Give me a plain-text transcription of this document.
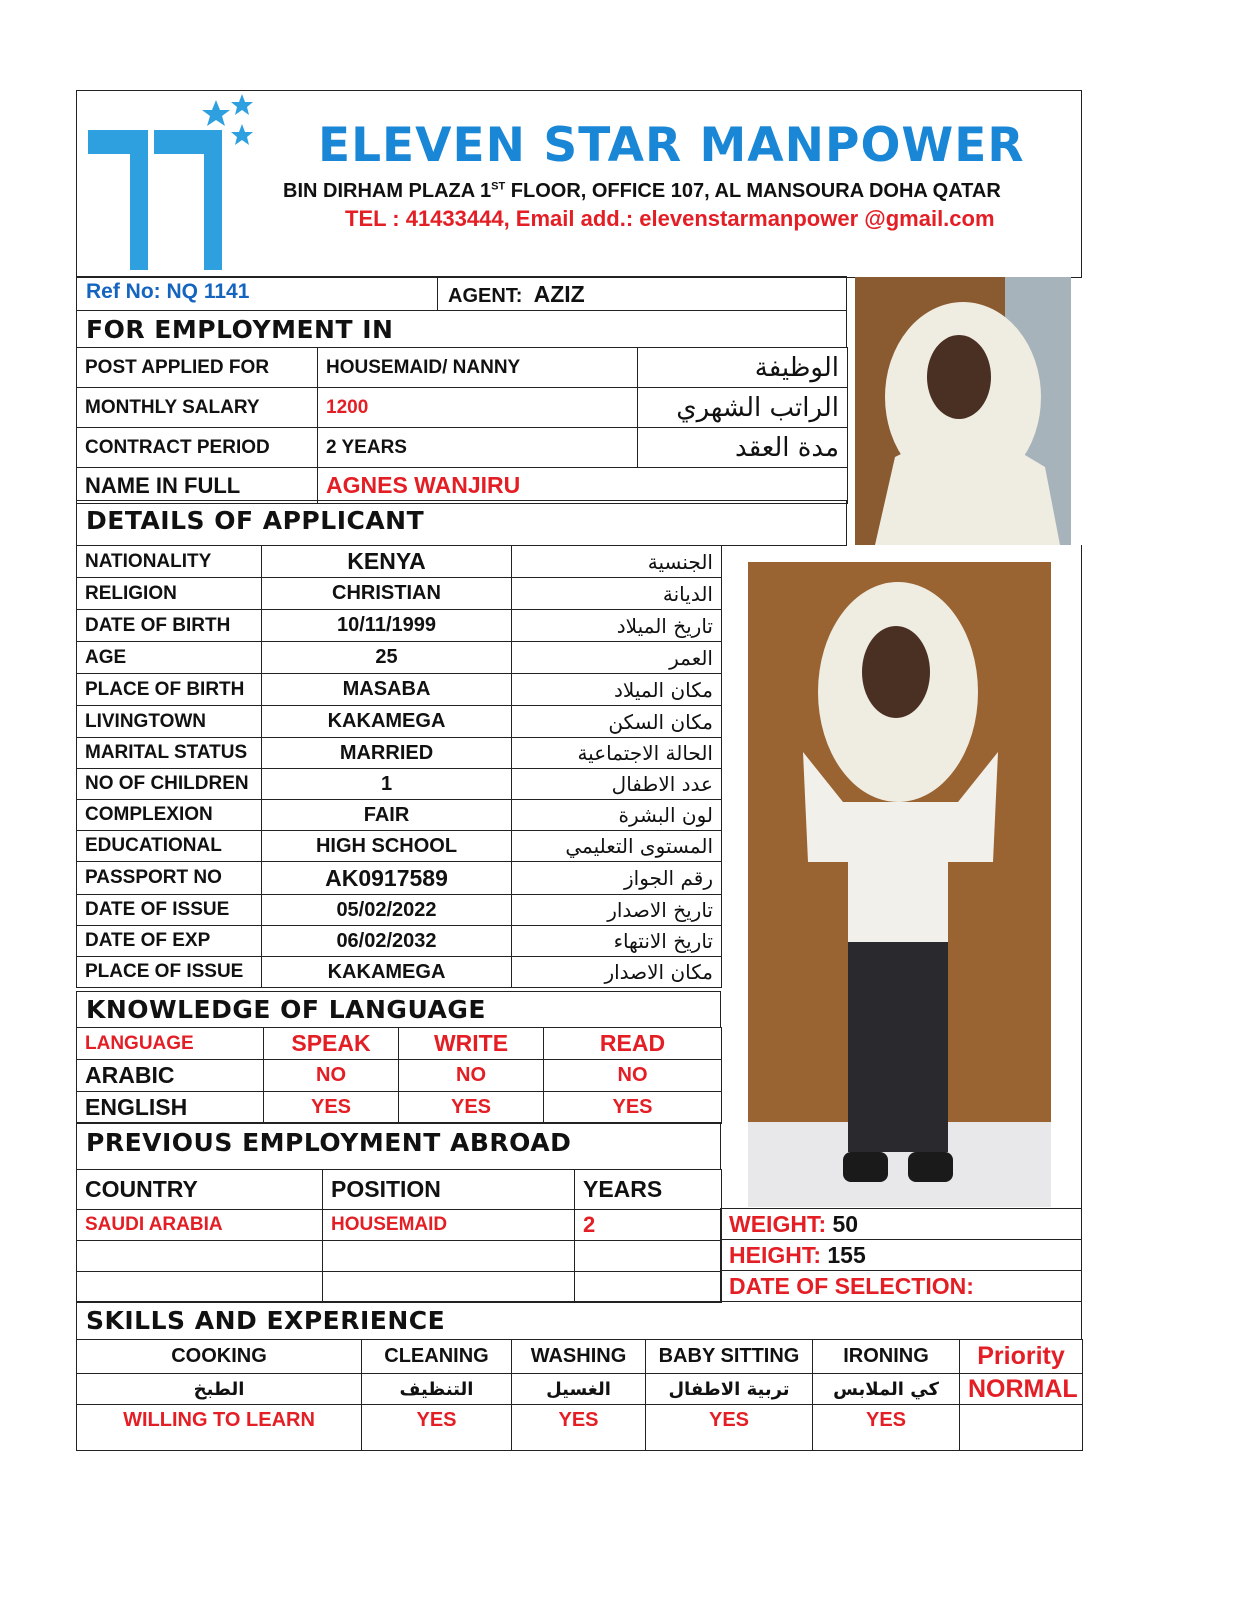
ELEVEN STAR MANPOWER
BIN DIRHAM PLAZA 1ST FLOOR, OFFICE 107, AL MANSOURA DOHA QATAR
TEL : 41433444, Email add.: elevenstarmanpower @gmail.com
Ref No: NQ 1141	AGENT: AZIZ
FOR EMPLOYMENT IN
POST APPLIED FOR	HOUSEMAID/ NANNY	الوظيفة
MONTHLY SALARY	1200	الراتب الشهري
CONTRACT PERIOD	2 YEARS	مدة العقد
NAME IN FULL	AGNES WANJIRU	
DETAILS OF APPLICANT
NATIONALITY	KENYA	الجنسية
RELIGION	CHRISTIAN	الديانة
DATE OF BIRTH	10/11/1999	تاريخ الميلاد
AGE	25	العمر
PLACE OF BIRTH	MASABA	مكان الميلاد
LIVINGTOWN	KAKAMEGA	مكان السكن
MARITAL STATUS	MARRIED	الحالة الاجتماعية
NO OF CHILDREN	1	عدد الاطفال
COMPLEXION	FAIR	لون البشرة
EDUCATIONAL	HIGH SCHOOL	المستوى التعليمي
PASSPORT NO	AK0917589	رقم الجواز
DATE OF ISSUE	05/02/2022	تاريخ الاصدار
DATE OF EXP	06/02/2032	تاريخ الانتهاء
PLACE OF ISSUE	KAKAMEGA	مكان الاصدار
KNOWLEDGE OF LANGUAGE
LANGUAGE	SPEAK	WRITE	READ
ARABIC	NO	NO	NO
ENGLISH	YES	YES	YES
PREVIOUS EMPLOYMENT ABROAD
COUNTRY	POSITION	YEARS
SAUDI ARABIA	HOUSEMAID	2

			WEIGHT: 50
HEIGHT: 155
DATE OF SELECTION:
SKILLS AND EXPERIENCE
COOKING	CLEANING	WASHING	BABY SITTING	IRONING	Priority
الطبخ	التنظيف	الغسيل	تربية الاطفال	كي الملابس	NORMAL
WILLING TO LEARN	YES	YES	YES	YES	
